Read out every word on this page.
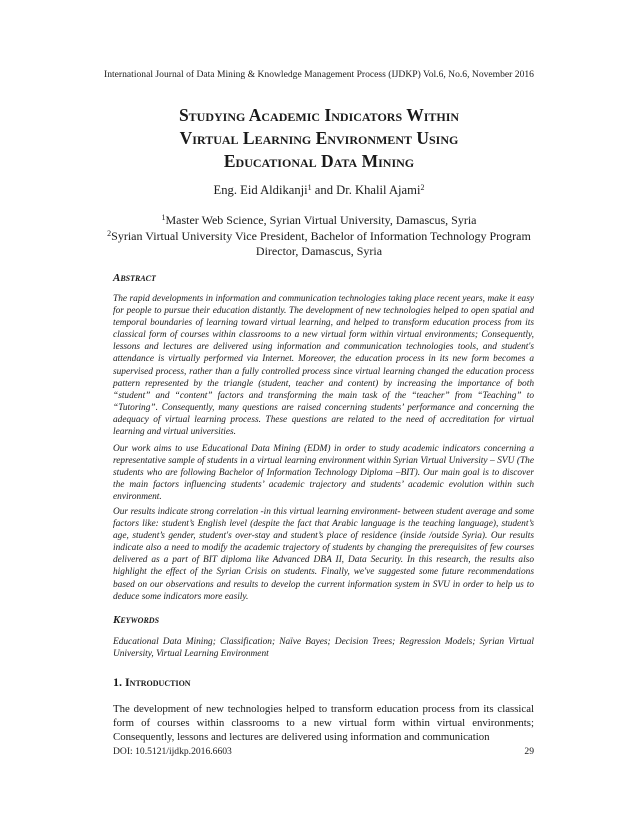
International Journal of Data Mining & Knowledge Management Process (IJDKP) Vol.6, No.6, November 2016
Studying Academic Indicators Within
Virtual Learning Environment Using
Educational Data Mining
Eng. Eid Aldikanji$^1$ and Dr. Khalil Ajami$^2$
$^1$Master Web Science, Syrian Virtual University, Damascus, Syria
$^2$Syrian Virtual University Vice President, Bachelor of Information Technology Program
Director, Damascus, Syria
Abstract

The rapid developments in information and communication technologies taking place recent years, make it easy for people to pursue their education distantly. The development of new technologies helped to open spatial and temporal boundaries of learning toward virtual learning, and helped to transform education process from its classical form of courses within classrooms to a new virtual form within virtual environments; Consequently, lessons and lectures are delivered using information and communication technologies tools, and student's attendance is virtually performed via Internet. Moreover, the education process in its new form becomes a supervised process, rather than a fully controlled process since virtual learning changed the education process pattern represented by the triangle (student, teacher and content) by increasing the importance of both “student” and “content” factors and transforming the main task of the “teacher” from “Teaching” to “Tutoring”. Consequently, many questions are raised concerning students’ performance and concerning the adequacy of virtual learning process. These questions are related to the need of accreditation for virtual learning and virtual universities.

Our work aims to use Educational Data Mining (EDM) in order to study academic indicators concerning a representative sample of students in a virtual learning environment within Syrian Virtual University – SVU (The students who are following Bachelor of Information Technology Diploma –BIT). Our main goal is to discover the main factors influencing students’ academic trajectory and students’ academic evolution within such environment.

Our results indicate strong correlation -in this virtual learning environment- between student average and some factors like: student’s English level (despite the fact that Arabic language is the teaching language), student’s age, student’s gender, student's over-stay and student’s place of residence (inside /outside Syria). Our results indicate also a need to modify the academic trajectory of students by changing the prerequisites of few courses delivered as a part of BIT diploma like Advanced DBA II, Data Security. In this research, the results also highlight the effect of the Syrian Crisis on students. Finally, we've suggested some future recommendations based on our observations and results to develop the current information system in SVU in order to help us to deduce some indicators more easily.

Keywords

Educational Data Mining; Classification; Naïve Bayes; Decision Trees; Regression Models; Syrian Virtual University, Virtual Learning Environment

1. Introduction

The development of new technologies helped to transform education process from its classical form of courses within classrooms to a new virtual form within virtual environments; Consequently, lessons and lectures are delivered using information and communication

DOI: 10.5121/ijdkp.2016.6603	29
